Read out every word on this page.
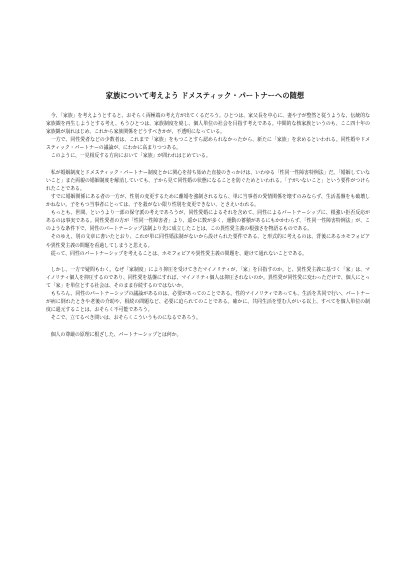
家族について考えよう ドメスティック・パートナーへの随想

今、「家族」を考えようとすると、おそらく両極端の考え方が出てくるだろう。ひとつは、家父長を中心に、妻や子が整然と従うような、伝統的な家族観を再生しようとする考え、もうひとつは、家族制度を廃し、個人単位の社会を目指す考えである。中間的な核家族というのも、ここ四十年の家族観が崩れはじめ、これから家族関係をどうすべきかが、不透明になっている。

一方で、同性愛者などの少数者は、これまで「家族」をもつことすら認められなかったから、新たに「家族」を求めるといわれる。同性婚やドメスティック・パートナーの議論が、にわかに高まりつつある。

このように、一見相反する方向において「家族」が問われはじめている。

私が婚姻制度とドメスティック・パートナー制度とかに関心を持ち始めた直接のきっかけは、いわゆる「性同一性障害特例法」だ。「婚姻していないこと」また両親の婚姻制度を解消していても、子から見て同性婚の状態になることを防ぐためといわれる。「子がいないこと」という要件がつけられたことである。

すでに婚姻関係にある者の一方が、性別の変更するために離婚を強制されるなら、単に当事者の愛情関係を壊すのみならず、生活基盤をも破壊しかねない。子をもつ当事者にとっては、子を殺がない限り性別を変更できない、とさえいわれる。

もっとも、世間、というより一部の保守派の考えであろうが、同性愛婚によるそれを含めて、同性によるパートナーシップに、根強い拒否反応があるのは事実である。同性愛者の方が「性同一性障害者」より、遥かに数が多く、運動の蓄積があるにもかかわらず、「性同一性障害特例法」が、このような条件下で、同性のパートナーシップ法制より先に成立したことは、この異性愛主義の根強さを物語るものである。

そのゆえ、別の文章に書いたとおり、これが単に同性婚法制がないから設けられた要件である、と形式的に考えるのは、背後にあるホモフォビアや異性愛主義の問題を看過してしまうと思える。

従って、同性のパートナーシップを考えることは、ホモフォビアや異性愛主義の問題を、避けて通れないことである。

しかし、一方で疑問もわく。なぜ「家制度」により抑圧を受けてきたマイノリティが、「家」を目指すのか。と、異性愛主義に基づく「家」は、マイノリティ個人を抑圧するのであり、同性愛を基盤にすれば、マイノリティ個人は抑圧されないのか。異性愛が同性愛に変わっただけで、個人にとって「家」を単位とする社会は、そのまま存続するのではないか。

もちろん、同性のパートナーシップの議論があるのは、必要があってのことである。性的マイノリティであっても、生活を共同で行い、パートナーが病に倒れたときや老後の介助や、相続の問題など、必要に迫られてのことである。確かに、共同生活を望む人がいる以上、すべてを個人単位の制度に還元することは、おそらく不可能であろう。

そこで、立てるべき問いは、おそらくこういうものになるであろう。

個人の尊厳の原理に根ざした、パートナーシップとは何か。
